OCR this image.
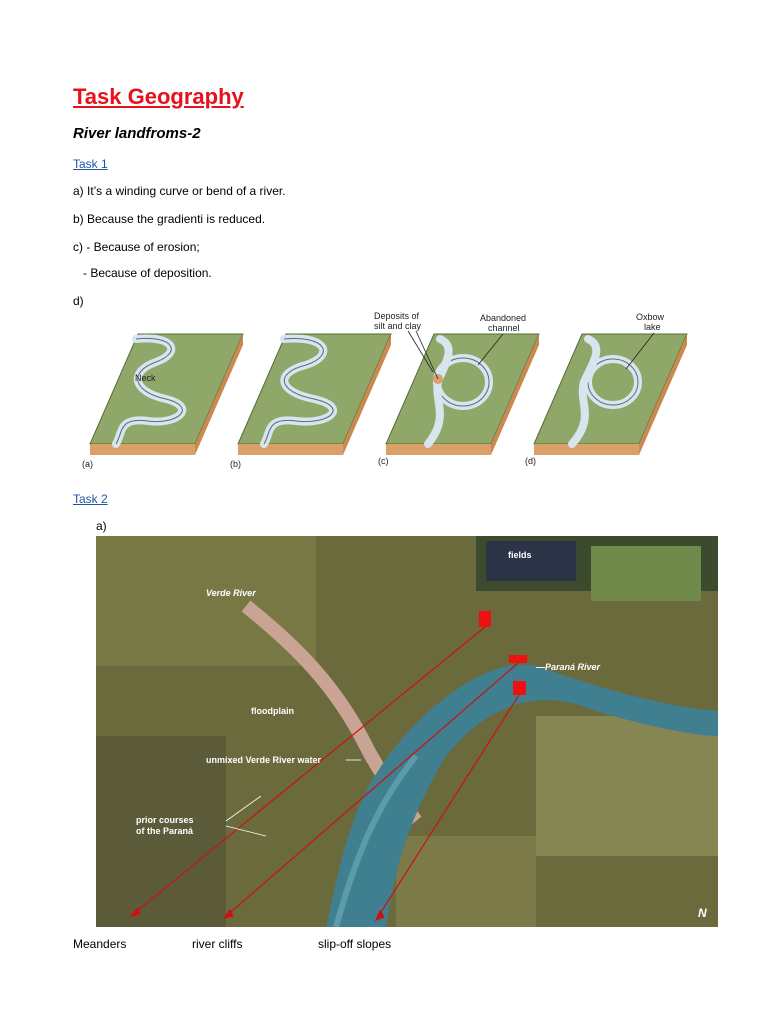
Task Geography
River landfroms-2
Task 1
a) It’s a winding curve or bend of a river.
b) Because the gradienti is reduced.
c) - Because of erosion;
- Because of deposition.
d)
Neck
Deposits of
silt and clay
Abandoned
channel
Oxbow
lake
(a)	(b)	(c)	(d)
Task 2
a)
fields
Verde River
—Paraná River
floodplain
unmixed Verde River water
prior courses
of the Paraná
N
Meanders	river cliffs	slip-off slopes
